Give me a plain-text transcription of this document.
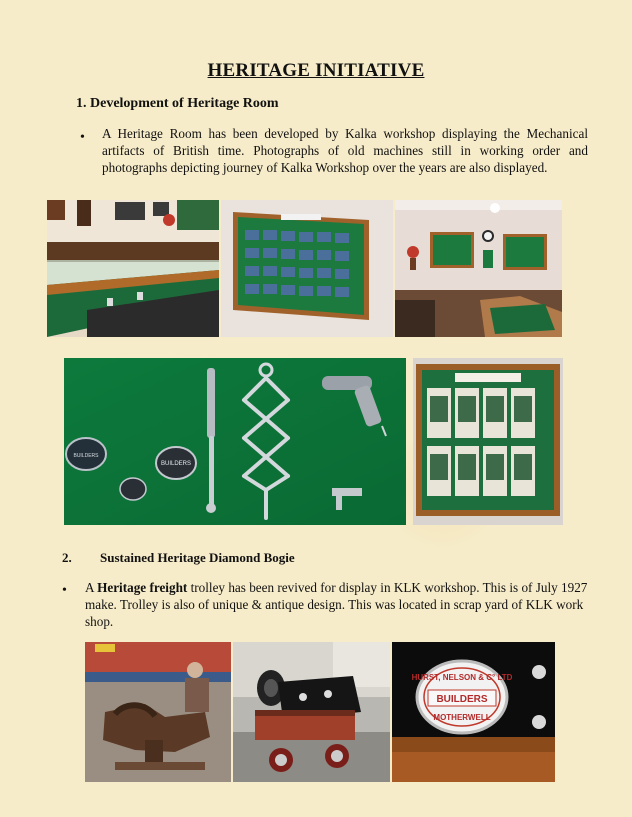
HERITAGE INITIATIVE
1. Development of Heritage Room
• A Heritage Room has been developed by Kalka workshop displaying the Mechanical artifacts of British time. Photographs of old machines still in working order and photographs depicting journey of Kalka Workshop over the years are also displayed.
BUILDERS
BUILDERS
2. Sustained Heritage Diamond Bogie
• A Heritage freight trolley has been revived for display in KLK workshop. This is of July 1927 make. Trolley is also of unique & antique design. This was located in scrap yard of KLK work shop.
HURST, NELSON & C° LTD
BUILDERS
MOTHERWELL
